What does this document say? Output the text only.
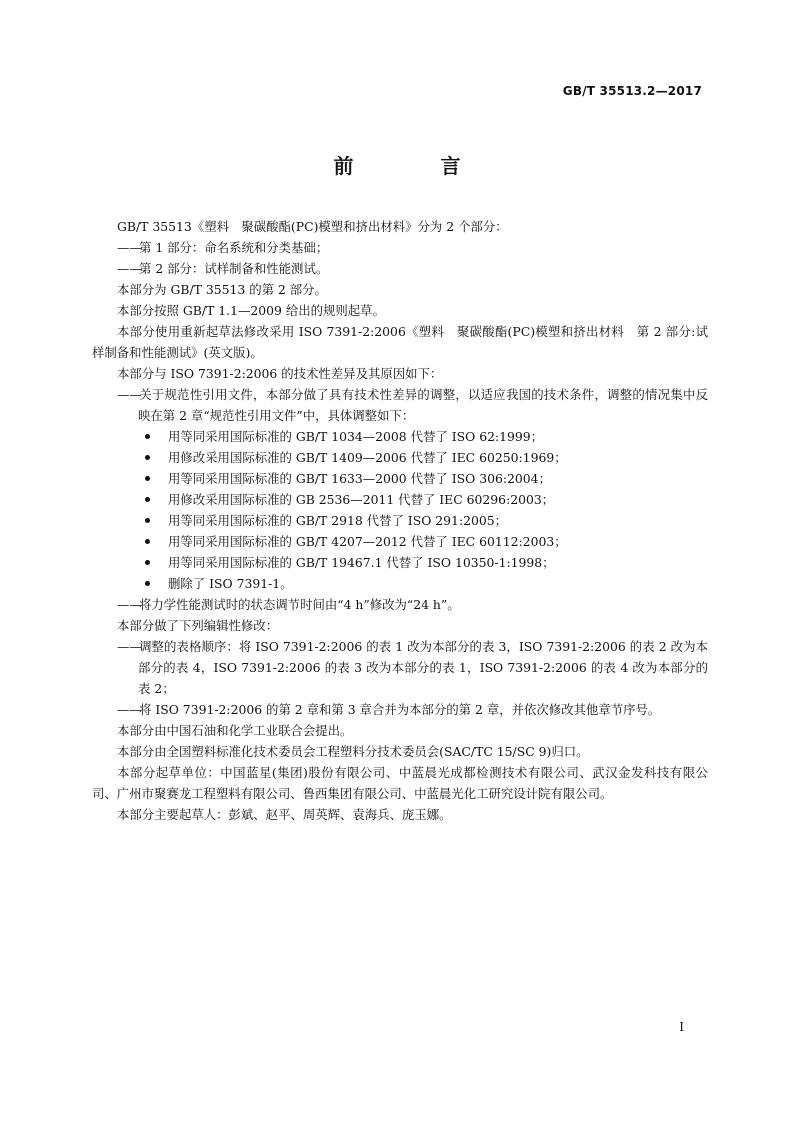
GB/T 35513.2—2017
前 言

GB/T 35513《塑料　聚碳酸酯(PC)模塑和挤出材料》分为 2 个部分：

——第 1 部分：命名系统和分类基础；

——第 2 部分：试样制备和性能测试。

本部分为 GB/T 35513 的第 2 部分。

本部分按照 GB/T 1.1—2009 给出的规则起草。

本部分使用重新起草法修改采用 ISO 7391-2:2006《塑料　聚碳酸酯(PC)模塑和挤出材料　第 2 部分:试样制备和性能测试》(英文版)。

本部分与 ISO 7391-2:2006 的技术性差异及其原因如下：

——关于规范性引用文件，本部分做了具有技术性差异的调整，以适应我国的技术条件，调整的情况集中反映在第 2 章“规范性引用文件”中，具体调整如下：

用等同采用国际标准的 GB/T 1034—2008 代替了 ISO 62:1999；

用修改采用国际标准的 GB/T 1409—2006 代替了 IEC 60250:1969；

用等同采用国际标准的 GB/T 1633—2000 代替了 ISO 306:2004；

用修改采用国际标准的 GB 2536—2011 代替了 IEC 60296:2003；

用等同采用国际标准的 GB/T 2918 代替了 ISO 291:2005；

用等同采用国际标准的 GB/T 4207—2012 代替了 IEC 60112:2003；

用等同采用国际标准的 GB/T 19467.1 代替了 ISO 10350-1:1998；

删除了 ISO 7391-1。

——将力学性能测试时的状态调节时间由“4 h”修改为“24 h”。

本部分做了下列编辑性修改：

——调整的表格顺序：将 ISO 7391-2:2006 的表 1 改为本部分的表 3，ISO 7391-2:2006 的表 2 改为本部分的表 4，ISO 7391-2:2006 的表 3 改为本部分的表 1，ISO 7391-2:2006 的表 4 改为本部分的表 2；

——将 ISO 7391-2:2006 的第 2 章和第 3 章合并为本部分的第 2 章，并依次修改其他章节序号。

本部分由中国石油和化学工业联合会提出。

本部分由全国塑料标准化技术委员会工程塑料分技术委员会(SAC/TC 15/SC 9)归口。

本部分起草单位：中国蓝星(集团)股份有限公司、中蓝晨光成都检测技术有限公司、武汉金发科技有限公司、广州市聚赛龙工程塑料有限公司、鲁西集团有限公司、中蓝晨光化工研究设计院有限公司。

本部分主要起草人：彭斌、赵平、周英辉、袁海兵、庞玉娜。

I
